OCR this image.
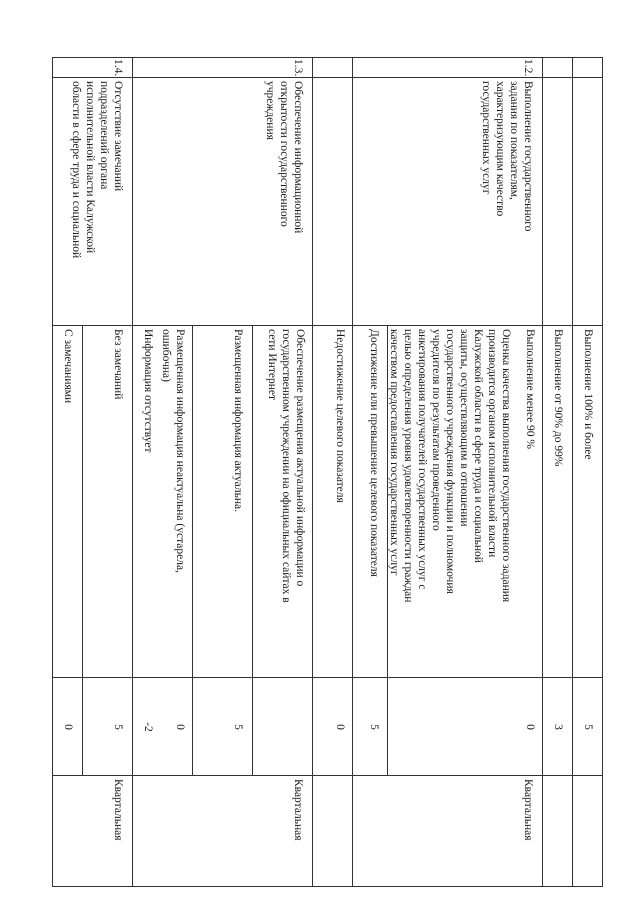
Выполнение 100% и более
5
Выполнение от 90% до 99%
3
1.2.
Выполнение государственного
задания по показателям,
характеризующим качество
государственных услуг
Выполнение менее 90 %
0
Оценка качества выполнения государственного задания
производится органом исполнительной власти
Калужской области в сфере труда и социальной
защиты, осуществляющим в отношении
государственного учреждения функции и полномочия
учредителя по результатам проведенного
анкетирования получателей государственных услуг с
целью определения уровня удовлетворенности граждан
качеством предоставления государственных услуг
Достижение или превышение целевого показателя
5
Недостижение целевого показателя
0
Квартальная
1.3.
Обеспечение информационной
открытости государственного
учреждения
Обеспечение размещения актуальной информации о
государственном учреждении на официальных сайтах в
сети Интернет
Размещенная информация актуальна.
5
Размещенная информация неактуальна (устарела,
ошибочна)
0
Информация отсутствует
-2
Квартальная
1.4.
Отсутствие замечаний
подразделений органа
исполнительной власти Калужской
области в сфере труда и социальной
Без замечаний
5
С замечаниями
0
Квартальная
